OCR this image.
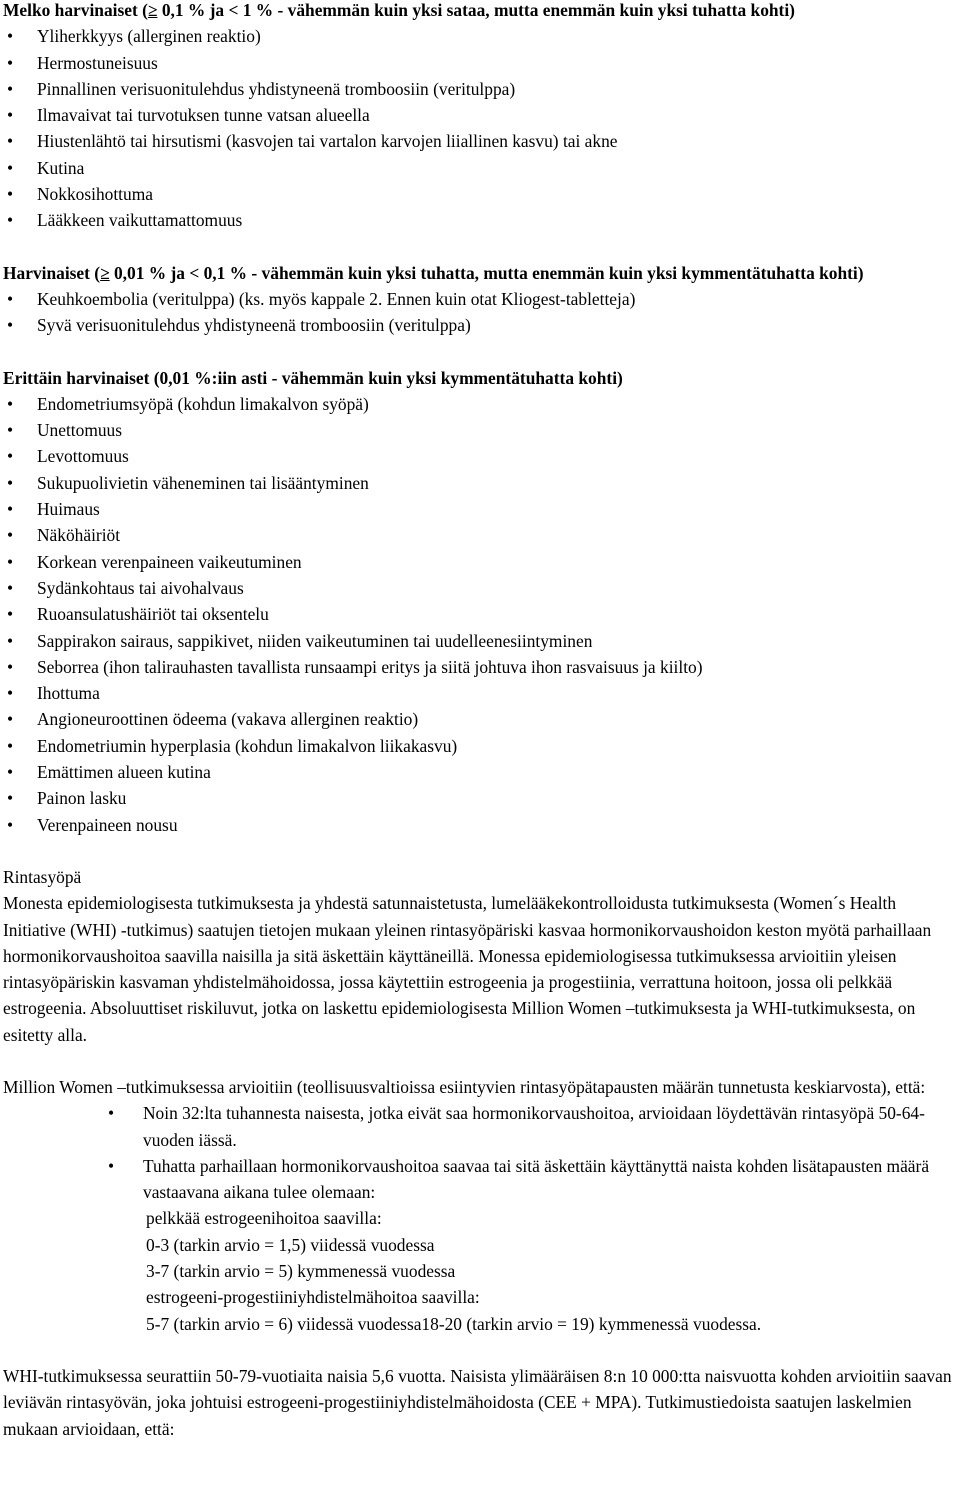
Melko harvinaiset (≥ 0,1 % ja < 1 % - vähemmän kuin yksi sataa, mutta enemmän kuin yksi tuhatta kohti)
• Yliherkkyys (allerginen reaktio)
• Hermostuneisuus
• Pinnallinen verisuonitulehdus yhdistyneenä tromboosiin (veritulppa)
• Ilmavaivat tai turvotuksen tunne vatsan alueella
• Hiustenlähtö tai hirsutismi (kasvojen tai vartalon karvojen liiallinen kasvu) tai akne
• Kutina
• Nokkosihottuma
• Lääkkeen vaikuttamattomuus
Harvinaiset (≥ 0,01 % ja < 0,1 % - vähemmän kuin yksi tuhatta, mutta enemmän kuin yksi kymmentätuhatta kohti)
• Keuhkoembolia (veritulppa) (ks. myös kappale 2. Ennen kuin otat Kliogest-tabletteja)
• Syvä verisuonitulehdus yhdistyneenä tromboosiin (veritulppa)
Erittäin harvinaiset (0,01 %:iin asti - vähemmän kuin yksi kymmentätuhatta kohti)
• Endometriumsyöpä (kohdun limakalvon syöpä)
• Unettomuus
• Levottomuus
• Sukupuolivietin väheneminen tai lisääntyminen
• Huimaus
• Näköhäiriöt
• Korkean verenpaineen vaikeutuminen
• Sydänkohtaus tai aivohalvaus
• Ruoansulatushäiriöt tai oksentelu
• Sappirakon sairaus, sappikivet, niiden vaikeutuminen tai uudelleenesiintyminen
• Seborrea (ihon talirauhasten tavallista runsaampi eritys ja siitä johtuva ihon rasvaisuus ja kiilto)
• Ihottuma
• Angioneuroottinen ödeema (vakava allerginen reaktio)
• Endometriumin hyperplasia (kohdun limakalvon liikakasvu)
• Emättimen alueen kutina
• Painon lasku
• Verenpaineen nousu
Rintasyöpä

Monesta epidemiologisesta tutkimuksesta ja yhdestä satunnaistetusta, lumelääkekontrolloidusta tutkimuksesta (Women´s Health Initiative (WHI) -tutkimus) saatujen tietojen mukaan yleinen rintasyöpäriski kasvaa hormonikorvaushoidon keston myötä parhaillaan hormonikorvaushoitoa saavilla naisilla ja sitä äskettäin käyttäneillä. Monessa epidemiologisessa tutkimuksessa arvioitiin yleisen rintasyöpäriskin kasvaman yhdistelmähoidossa, jossa käytettiin estrogeenia ja progestiinia, verrattuna hoitoon, jossa oli pelkkää estrogeenia. Absoluuttiset riskiluvut, jotka on laskettu epidemiologisesta Million Women –tutkimuksesta ja WHI-tutkimuksesta, on esitetty alla.

Million Women –tutkimuksessa arvioitiin (teollisuusvaltioissa esiintyvien rintasyöpätapausten määrän tunnetusta keskiarvosta), että:

• Noin 32:lta tuhannesta naisesta, jotka eivät saa hormonikorvaushoitoa, arvioidaan löydettävän rintasyöpä 50-64-vuoden iässä.
• Tuhatta parhaillaan hormonikorvaushoitoa saavaa tai sitä äskettäin käyttänyttä naista kohden lisätapausten määrä vastaavana aikana tulee olemaan:
pelkkää estrogeenihoitoa saavilla:
0-3 (tarkin arvio = 1,5) viidessä vuodessa
3-7 (tarkin arvio = 5) kymmenessä vuodessa
estrogeeni-progestiiniyhdistelmähoitoa saavilla:
5-7 (tarkin arvio = 6) viidessä vuodessa18-20 (tarkin arvio = 19) kymmenessä vuodessa.

WHI-tutkimuksessa seurattiin 50-79-vuotiaita naisia 5,6 vuotta. Naisista ylimääräisen 8:n 10 000:tta naisvuotta kohden arvioitiin saavan leviävän rintasyövän, joka johtuisi estrogeeni-progestiiniyhdistelmähoidosta (CEE + MPA). Tutkimustiedoista saatujen laskelmien mukaan arvioidaan, että:
